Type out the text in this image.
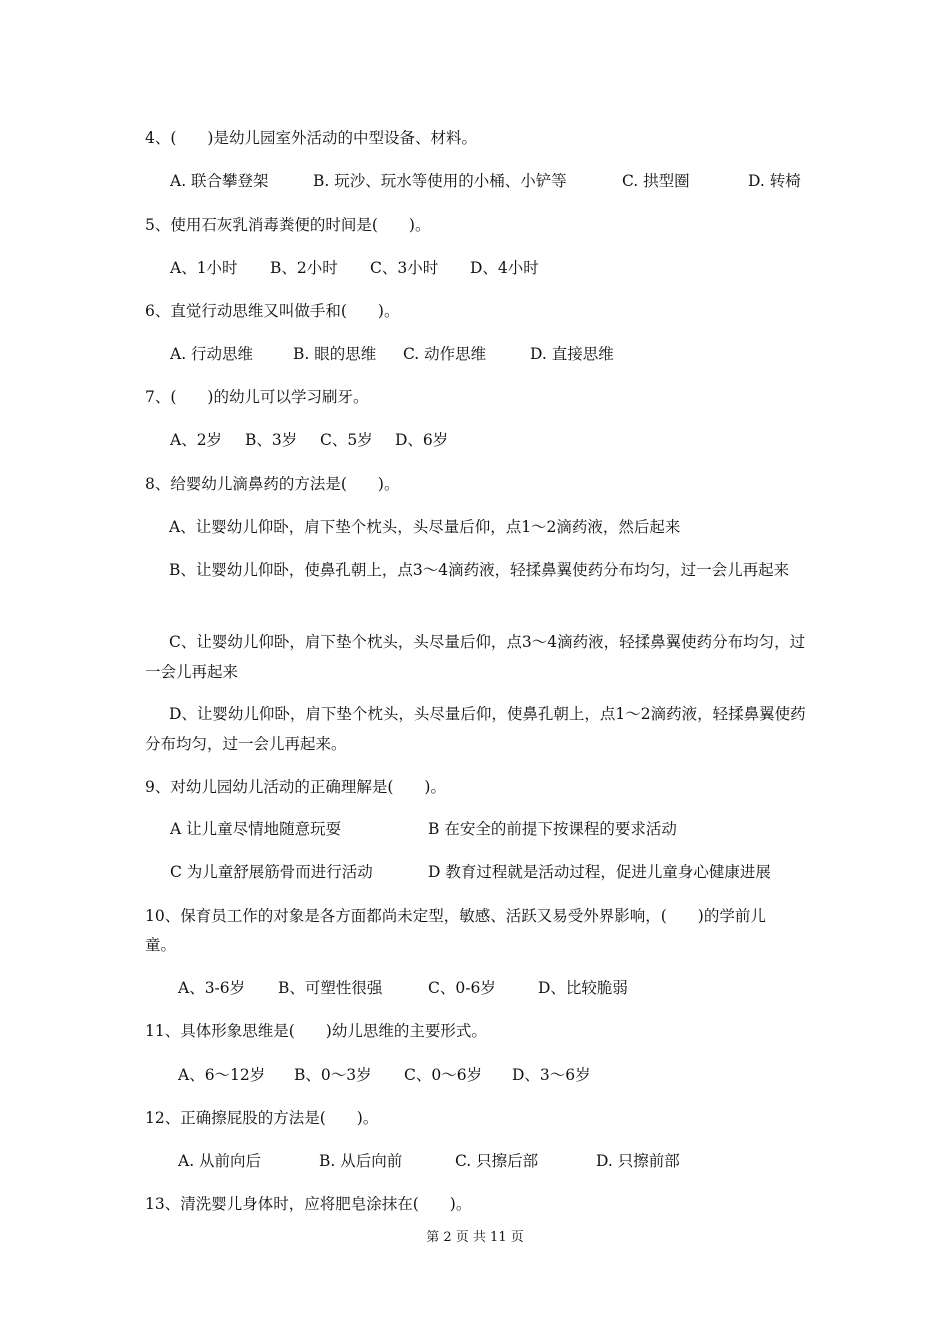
4、(　　)是幼儿园室外活动的中型设备、材料。
A. 联合攀登架	B. 玩沙、玩水等使用的小桶、小铲等	C. 拱型圈	D. 转椅
5、使用石灰乳消毒粪便的时间是(　　)。
A、1小时 B、2小时 C、3小时 D、4小时
6、直觉行动思维又叫做手和(　　)。
A. 行动思维	B. 眼的思维 C. 动作思维	D. 直接思维
7、(　　)的幼儿可以学习刷牙。
A、2岁 B、3岁 C、5岁 D、6岁
8、给婴幼儿滴鼻药的方法是(　　)。
A、让婴幼儿仰卧，肩下垫个枕头，头尽量后仰，点1～2滴药液，然后起来
B、让婴幼儿仰卧，使鼻孔朝上，点3～4滴药液，轻揉鼻翼使药分布均匀，过一会儿再起来
C、让婴幼儿仰卧，肩下垫个枕头，头尽量后仰，点3～4滴药液，轻揉鼻翼使药分布均匀，过一会儿再起来
D、让婴幼儿仰卧，肩下垫个枕头，头尽量后仰，使鼻孔朝上，点1～2滴药液，轻揉鼻翼使药分布均匀，过一会儿再起来。
9、对幼儿园幼儿活动的正确理解是(　　)。
A 让儿童尽情地随意玩耍	B 在安全的前提下按课程的要求活动
C 为儿童舒展筋骨而进行活动	D 教育过程就是活动过程，促进儿童身心健康进展
10、保育员工作的对象是各方面都尚未定型，敏感、活跃又易受外界影响，(　　)的学前儿
童。
A、3-6岁 B、可塑性很强	C、0-6岁	D、比较脆弱
11、具体形象思维是(　　)幼儿思维的主要形式。
A、6～12岁 B、0～3岁 C、0～6岁 D、3～6岁
12、正确擦屁股的方法是(　　)。
A. 从前向后	B. 从后向前	C. 只擦后部	D. 只擦前部
13、清洗婴儿身体时，应将肥皂涂抹在(　　)。
第 2 页 共 11 页
